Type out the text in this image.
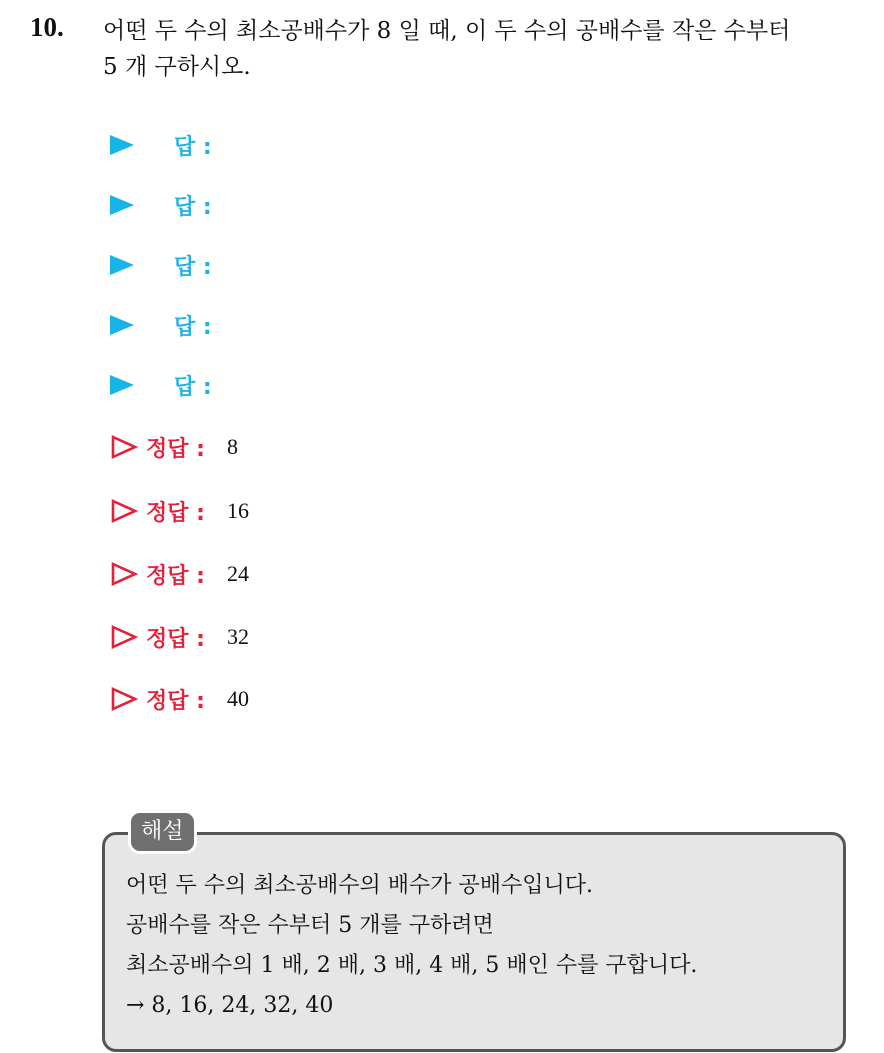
10. 어떤 두 수의 최소공배수가 8 일 때, 이 두 수의 공배수를 작은 수부터
5 개 구하시오.
답 :
답 :
답 :
답 :
답 :
정답 : 8
정답 : 16
정답 : 24
정답 : 32
정답 : 40
해설
어떤 두 수의 최소공배수의 배수가 공배수입니다.
공배수를 작은 수부터 5 개를 구하려면
최소공배수의 1 배, 2 배, 3 배, 4 배, 5 배인 수를 구합니다.
→ 8, 16, 24, 32, 40
